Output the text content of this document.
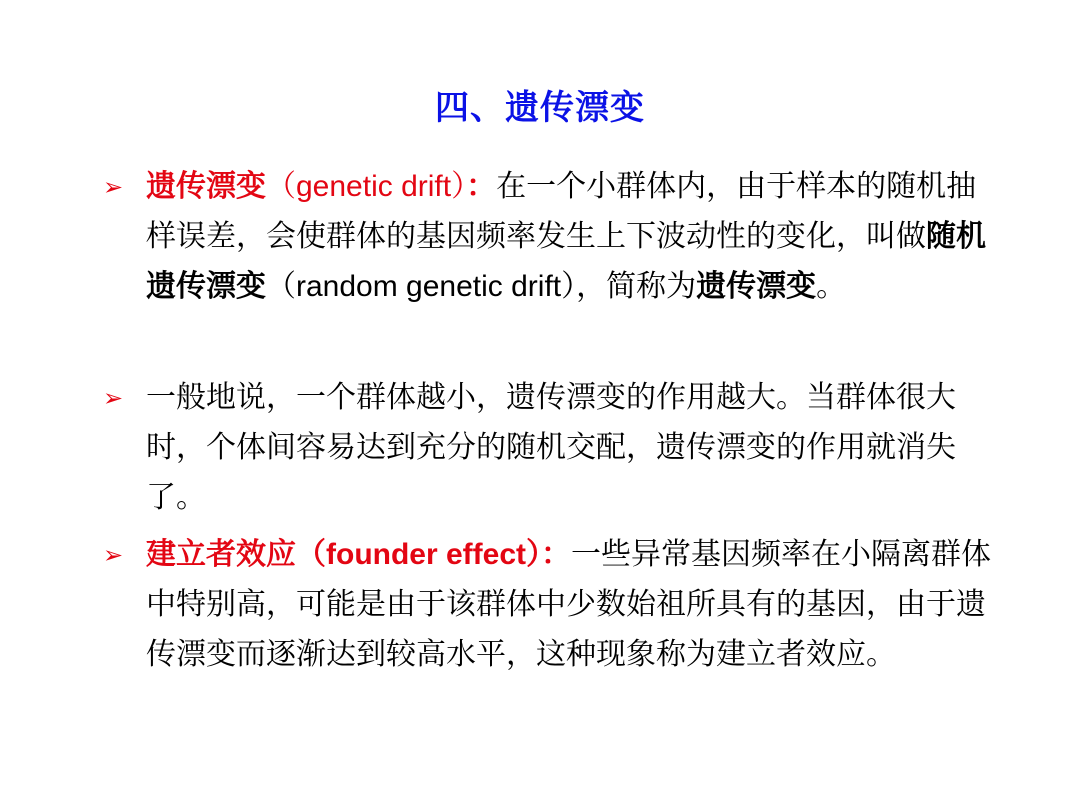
四、遗传漂变
➢ 遗传漂变（genetic drift）：在一个小群体内，由于样本的随机抽样误差，会使群体的基因频率发生上下波动性的变化，叫做随机遗传漂变（random genetic drift），简称为遗传漂变。
➢ 一般地说，一个群体越小，遗传漂变的作用越大。当群体很大时，个体间容易达到充分的随机交配，遗传漂变的作用就消失了。
➢ 建立者效应（founder effect）：一些异常基因频率在小隔离群体中特别高，可能是由于该群体中少数始祖所具有的基因，由于遗传漂变而逐渐达到较高水平，这种现象称为建立者效应。
